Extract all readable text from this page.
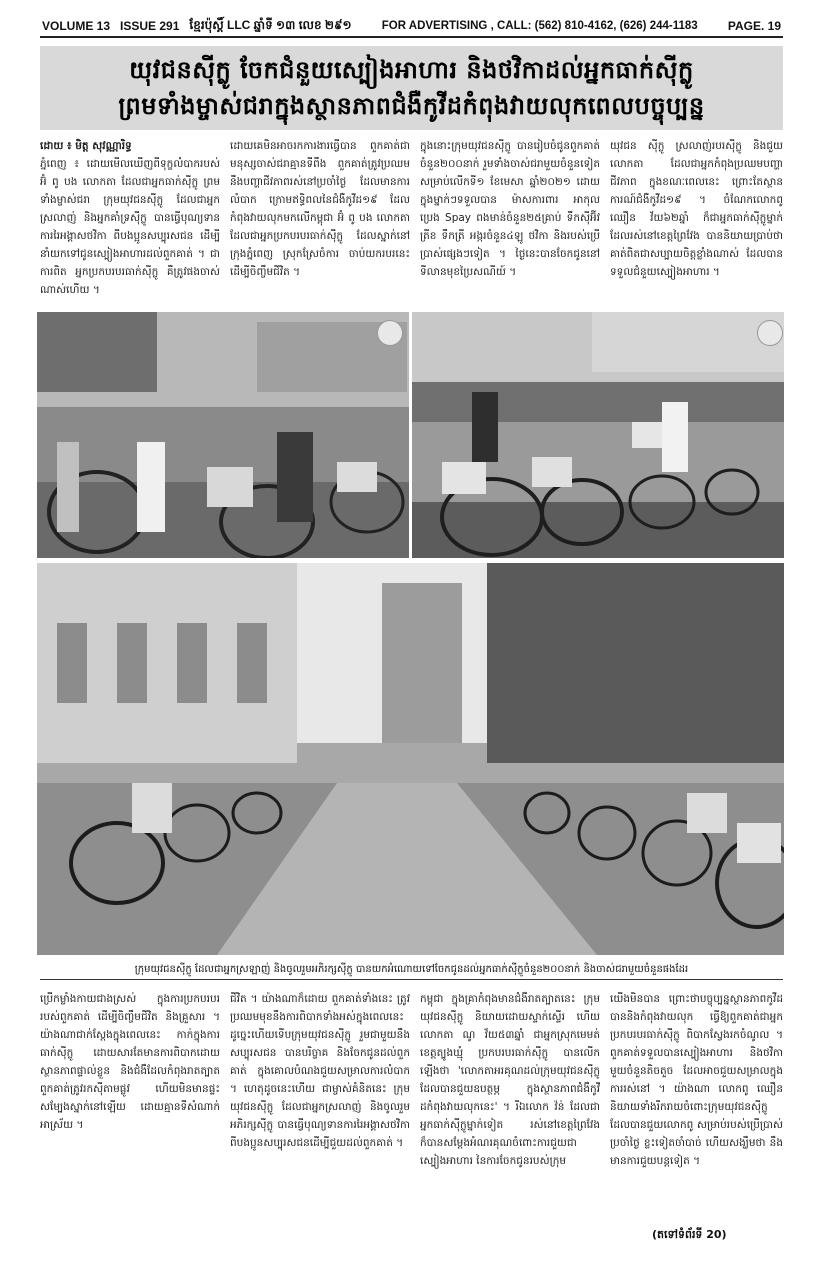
VOLUME 13 ISSUE 291 ខ្មែរប៉ុស្តិ៍ LLC ឆ្នាំទី ១៣ លេខ ២៩១	FOR ADVERTISING , CALL: (562) 810-4162, (626) 244-1183	PAGE. 19
យុវជនស៊ីក្លូ ចែកជំនួយស្បៀងអាហារ និងថវិកាដល់អ្នកធាក់ស៊ីក្លូ
ព្រមទាំងម្ចាស់ជរាក្នុងស្ថានភាពជំងឺកូវីដកំពុងវាយលុកពេលបច្ចុប្បន្ន

ដោយ ៖ មិត្ត សុវណ្ណារិទ្ធ

ភ្នំពេញ ៖ ដោយមើលឃើញពីទុក្ខលំបាករបស់ អ៊ំ ពូ បង លោកតា ដែលជាអ្នកធាក់ស៊ីក្លូ ព្រមទាំងម្ចាស់ជរា ក្រុមយុវជនស៊ីក្លូ ដែលជាអ្នកស្រលាញ់ និងអ្នកគាំទ្រស៊ីក្លូ បានធ្វើបុណ្យទានការរៃអង្គាសថវិកា ពីបងប្អូនសប្បុរសជន ដើម្បីនាំយកទៅជូនស្បៀងអាហារដល់ពួកគាត់ ។ ជាការពិត អ្នកប្រកបរបរធាក់ស៊ីក្លូ គឺត្រូវផងចាស់ណាស់ហើយ ។

ដោយគេមិនអាចរកការងារធ្វើបាន ពួកគាត់ជាមនុស្សចាស់ជរាគ្មានទីពឹង ពួកគាត់ត្រូវប្រឈមនឹងបញ្ហាជីវភាពរស់នៅប្រចាំថ្ងៃ ដែលមានការលំបាក ក្រោមឥទ្ធិពលនៃជំងឺកូវីដ១៩ ដែលកំពុងវាយលុកមកលើកម្ពុជា អ៊ំ ពូ បង លោកតា ដែលជាអ្នកប្រកបរបរធាក់ស៊ីក្លូ ដែលស្នាក់នៅក្រុងភ្នំពេញ ស្រុកស្រែចំការ ចាប់យករបរនេះ ដើម្បីចិញ្ចឹមជីវិត ។

ក្នុងនោះក្រុមយុវជនស៊ីក្លូ បានរៀបចំជូនពួកគាត់ចំនួន២០០នាក់ រួមទាំងចាស់ជរាមួយចំនួនទៀត សម្រាប់លើកទី១ ខែមេសា ឆ្នាំ២០២១ ដោយក្នុងម្នាក់ៗទទួលបាន ម៉ាសការពារ អាកុល ប្រេង Spay ពងមាន់ចំនួន២៥គ្រាប់ ទឹកស៊ីអ៊ីវ ត្រីខ ទឹកត្រី អង្ករចំនួន៤ឡូ ថវិកា និងរបស់ប្រើប្រាស់ផ្សេងៗទៀត ។ ថ្ងៃនេះបានចែកជូននៅទីលានមុខប្រៃសណីយ៍ ។

យុវជន ស៊ីក្លូ ស្រលាញ់របរស៊ីក្លូ និងជួយលោកតា ដែលជាអ្នកកំពុងប្រឈមបញ្ហាជីវភាព ក្នុងខណៈពេលនេះ ព្រោះតែស្ថានការណ៍ជំងឺកូវីដ១៩ ។ ចំណែកលោកពូ ឈឿន វ័យ៦២ឆ្នាំ ក៏ជាអ្នកធាក់ស៊ីក្លូម្នាក់ ដែលរស់នៅខេត្តព្រៃវែង បាននិយាយប្រាប់ថា គាត់ពិតជាសប្បាយចិត្តខ្លាំងណាស់ ដែលបានទទួលជំនួយស្បៀងអាហារ ។

ក្រុមយុវជនស៊ីក្លូ ដែលជាអ្នកស្រឡាញ់ និងចូលរួមអភិរក្សស៊ីក្លូ បានយកអំណោយទៅចែកជូនដល់អ្នកធាក់ស៊ីក្លូចំនួន២០០នាក់ និងចាស់ជរាមួយចំនួនផងដែរ

ប្រើកម្លាំងកាយជាងស្រស់ ក្នុងការប្រកបរបររបស់ពួកគាត់ ដើម្បីចិញ្ចឹមជីវិត និងគ្រួសារ ។ យ៉ាងណាជាក់ស្តែងក្នុងពេលនេះ កាក់ក្នុងការធាក់ស៊ីក្លូ ដោយសារតែមានការពិបាកដោយស្ថានភាពផ្ទាល់ខ្លួន និងជំងឺដែលកំពុងរាតត្បាត ពួកគាត់ត្រូវរកស៊ីតាមផ្លូវ ហើយមិនមានផ្ទះសម្បែងស្នាក់នៅឡើយ ដោយគ្មានទីសំណាក់អាស្រ័យ ។

ជីវិត ។ យ៉ាងណាក៏ដោយ ពួកគាត់ទាំងនេះ ត្រូវប្រឈមមុខនឹងការពិបាកទាំងអស់ក្នុងពេលនេះ ដូច្នេះហើយទើបក្រុមយុវជនស៊ីក្លូ រួមជាមួយនឹងសប្បុរសជន បានបរិច្ចាគ និងចែកជូនដល់ពួកគាត់ ក្នុងគោលបំណងជួយសម្រាលការលំបាក ។ ហេតុដូចនេះហើយ ជាម្ចាស់គំនិតនេះ ក្រុមយុវជនស៊ីក្លូ ដែលជាអ្នកស្រលាញ់ និងចូលរួមអភិរក្សស៊ីក្លូ បានធ្វើបុណ្យទានការរៃអង្គាសថវិកា ពីបងប្អូនសប្បុរសជនដើម្បីជួយដល់ពួកគាត់ ។

កម្ពុជា ក្នុងគ្រាកំពុងមានជំងឺរាតត្បាតនេះ ក្រុមយុវជនស៊ីក្លូ និយាយដោយស្ទាក់ស្ទើរ ហើយលោកតា ណូ វ័យ៥៣ឆ្នាំ ជាអ្នកស្រុកមេមត់ ខេត្តត្បូងឃ្មុំ ប្រកបរបរធាក់ស៊ីក្លូ បានលើកឡើងថា 'លោកតាអរគុណដល់ក្រុមយុវជនស៊ីក្លូ ដែលបានជួយឧបត្ថម្ភ ក្នុងស្ថានភាពជំងឺកូវីដកំពុងវាយលុកនេះ' ។ រីឯលោក វ៉ន់ ដែលជាអ្នកធាក់ស៊ីក្លូម្នាក់ទៀត រស់នៅខេត្តព្រៃវែង ក៏បានសម្តែងអំណរគុណចំពោះការជួយជាស្បៀងអាហារ នៃការចែកជូនរបស់ក្រុម

យើងមិនបាន ព្រោះថាបច្ចុប្បន្នស្ថានភាពកូវីដបាននិងកំពុងវាយលុក ធ្វើឱ្យពួកគាត់ជាអ្នកប្រកបរបរធាក់ស៊ីក្លូ ពិបាកស្វែងរកចំណូល ។ ពួកគាត់ទទួលបានស្បៀងអាហារ និងថវិកាមួយចំនួនតិចតួច ដែលអាចជួយសម្រាលក្នុងការរស់នៅ ។ យ៉ាងណា លោកពូ ឈឿន និយាយទាំងរីករាយចំពោះក្រុមយុវជនស៊ីក្លូ ដែលបានជួយលោកពូ សម្រាប់របស់ប្រើប្រាស់ប្រចាំថ្ងៃ ខ្លះទៀតចាំបាច់ ហើយសង្ឃឹមថា នឹងមានការជួយបន្តទៀត ។

(តទៅទំព័រទី 20)
